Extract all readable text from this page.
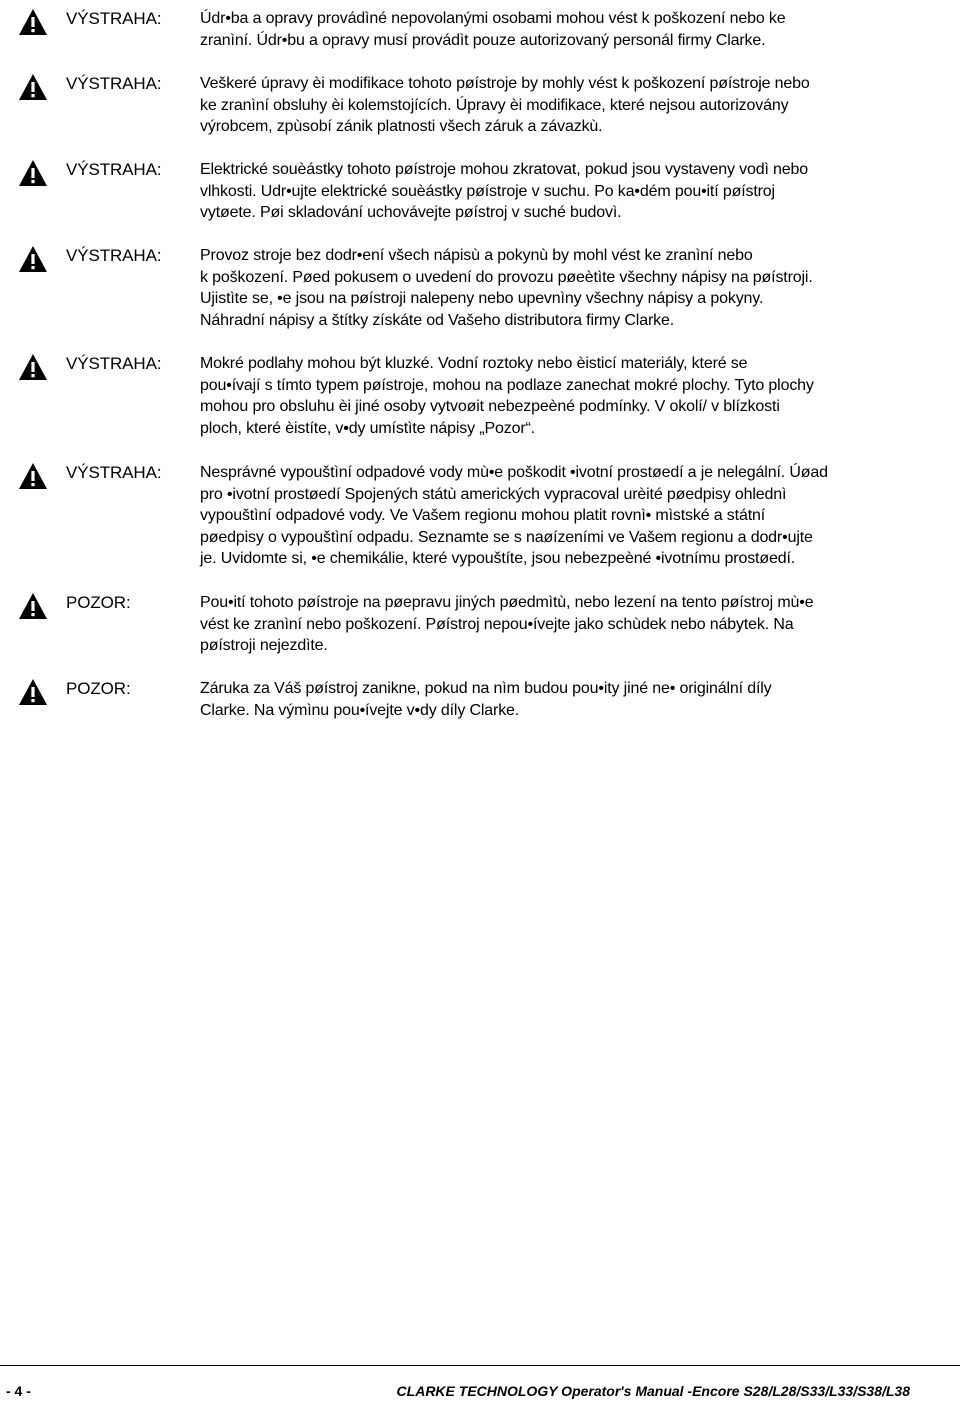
VÝSTRAHA: Údr•ba a opravy provádìné nepovolanými osobami mohou vést k poškození nebo ke
zranìní. Údr•bu a opravy musí provádìt pouze autorizovaný personál firmy Clarke.
VÝSTRAHA: Veškeré úpravy èi modifikace tohoto pøístroje by mohly vést k poškození pøístroje nebo
ke zranìní obsluhy èi kolemstojících. Úpravy èi modifikace, které nejsou autorizovány
výrobcem, zpùsobí zánik platnosti všech záruk a závazkù.
VÝSTRAHA: Elektrické souèástky tohoto pøístroje mohou zkratovat, pokud jsou vystaveny vodì nebo
vlhkosti. Udr•ujte elektrické souèástky pøístroje v suchu. Po ka•dém pou•ití pøístroj
vytøete. Pøi skladování uchovávejte pøístroj v suché budovì.
VÝSTRAHA: Provoz stroje bez dodr•ení všech nápisù a pokynù by mohl vést ke zranìní nebo
k poškození. Pøed pokusem o uvedení do provozu pøeètìte všechny nápisy na pøístroji.
Ujistìte se, •e jsou na pøístroji nalepeny nebo upevnìny všechny nápisy a pokyny.
Náhradní nápisy a štítky získáte od Vašeho distributora firmy Clarke.
VÝSTRAHA: Mokré podlahy mohou být kluzké. Vodní roztoky nebo èisticí materiály, které se
pou•ívají s tímto typem pøístroje, mohou na podlaze zanechat mokré plochy. Tyto plochy
mohou pro obsluhu èi jiné osoby vytvoøit nebezpeèné podmínky. V okolí/ v blízkosti
ploch, které èistíte, v•dy umístìte nápisy „Pozor“.
VÝSTRAHA: Nesprávné vypouštìní odpadové vody mù•e poškodit •ivotní prostøedí a je nelegální. Úøad
pro •ivotní prostøedí Spojených státù amerických vypracoval urèité pøedpisy ohlednì
vypouštìní odpadové vody. Ve Vašem regionu mohou platit rovnì• mìstské a státní
pøedpisy o vypouštìní odpadu. Seznamte se s naøízeními ve Vašem regionu a dodr•ujte
je. Uvidomte si, •e chemikálie, které vypouštíte, jsou nebezpeèné •ivotnímu prostøedí.
POZOR:	Pou•ití tohoto pøístroje na pøepravu jiných pøedmìtù, nebo lezení na tento pøístroj mù•e
vést ke zranìní nebo poškození. Pøístroj nepou•ívejte jako schùdek nebo nábytek. Na
pøístroji nejezdìte.
POZOR:	Záruka za Váš pøístroj zanikne, pokud na nìm budou pou•ity jiné ne• originální díly
Clarke. Na výmìnu pou•ívejte v•dy díly Clarke.
- 4 -	CLARKE TECHNOLOGY Operator's Manual -Encore S28/L28/S33/L33/S38/L38
